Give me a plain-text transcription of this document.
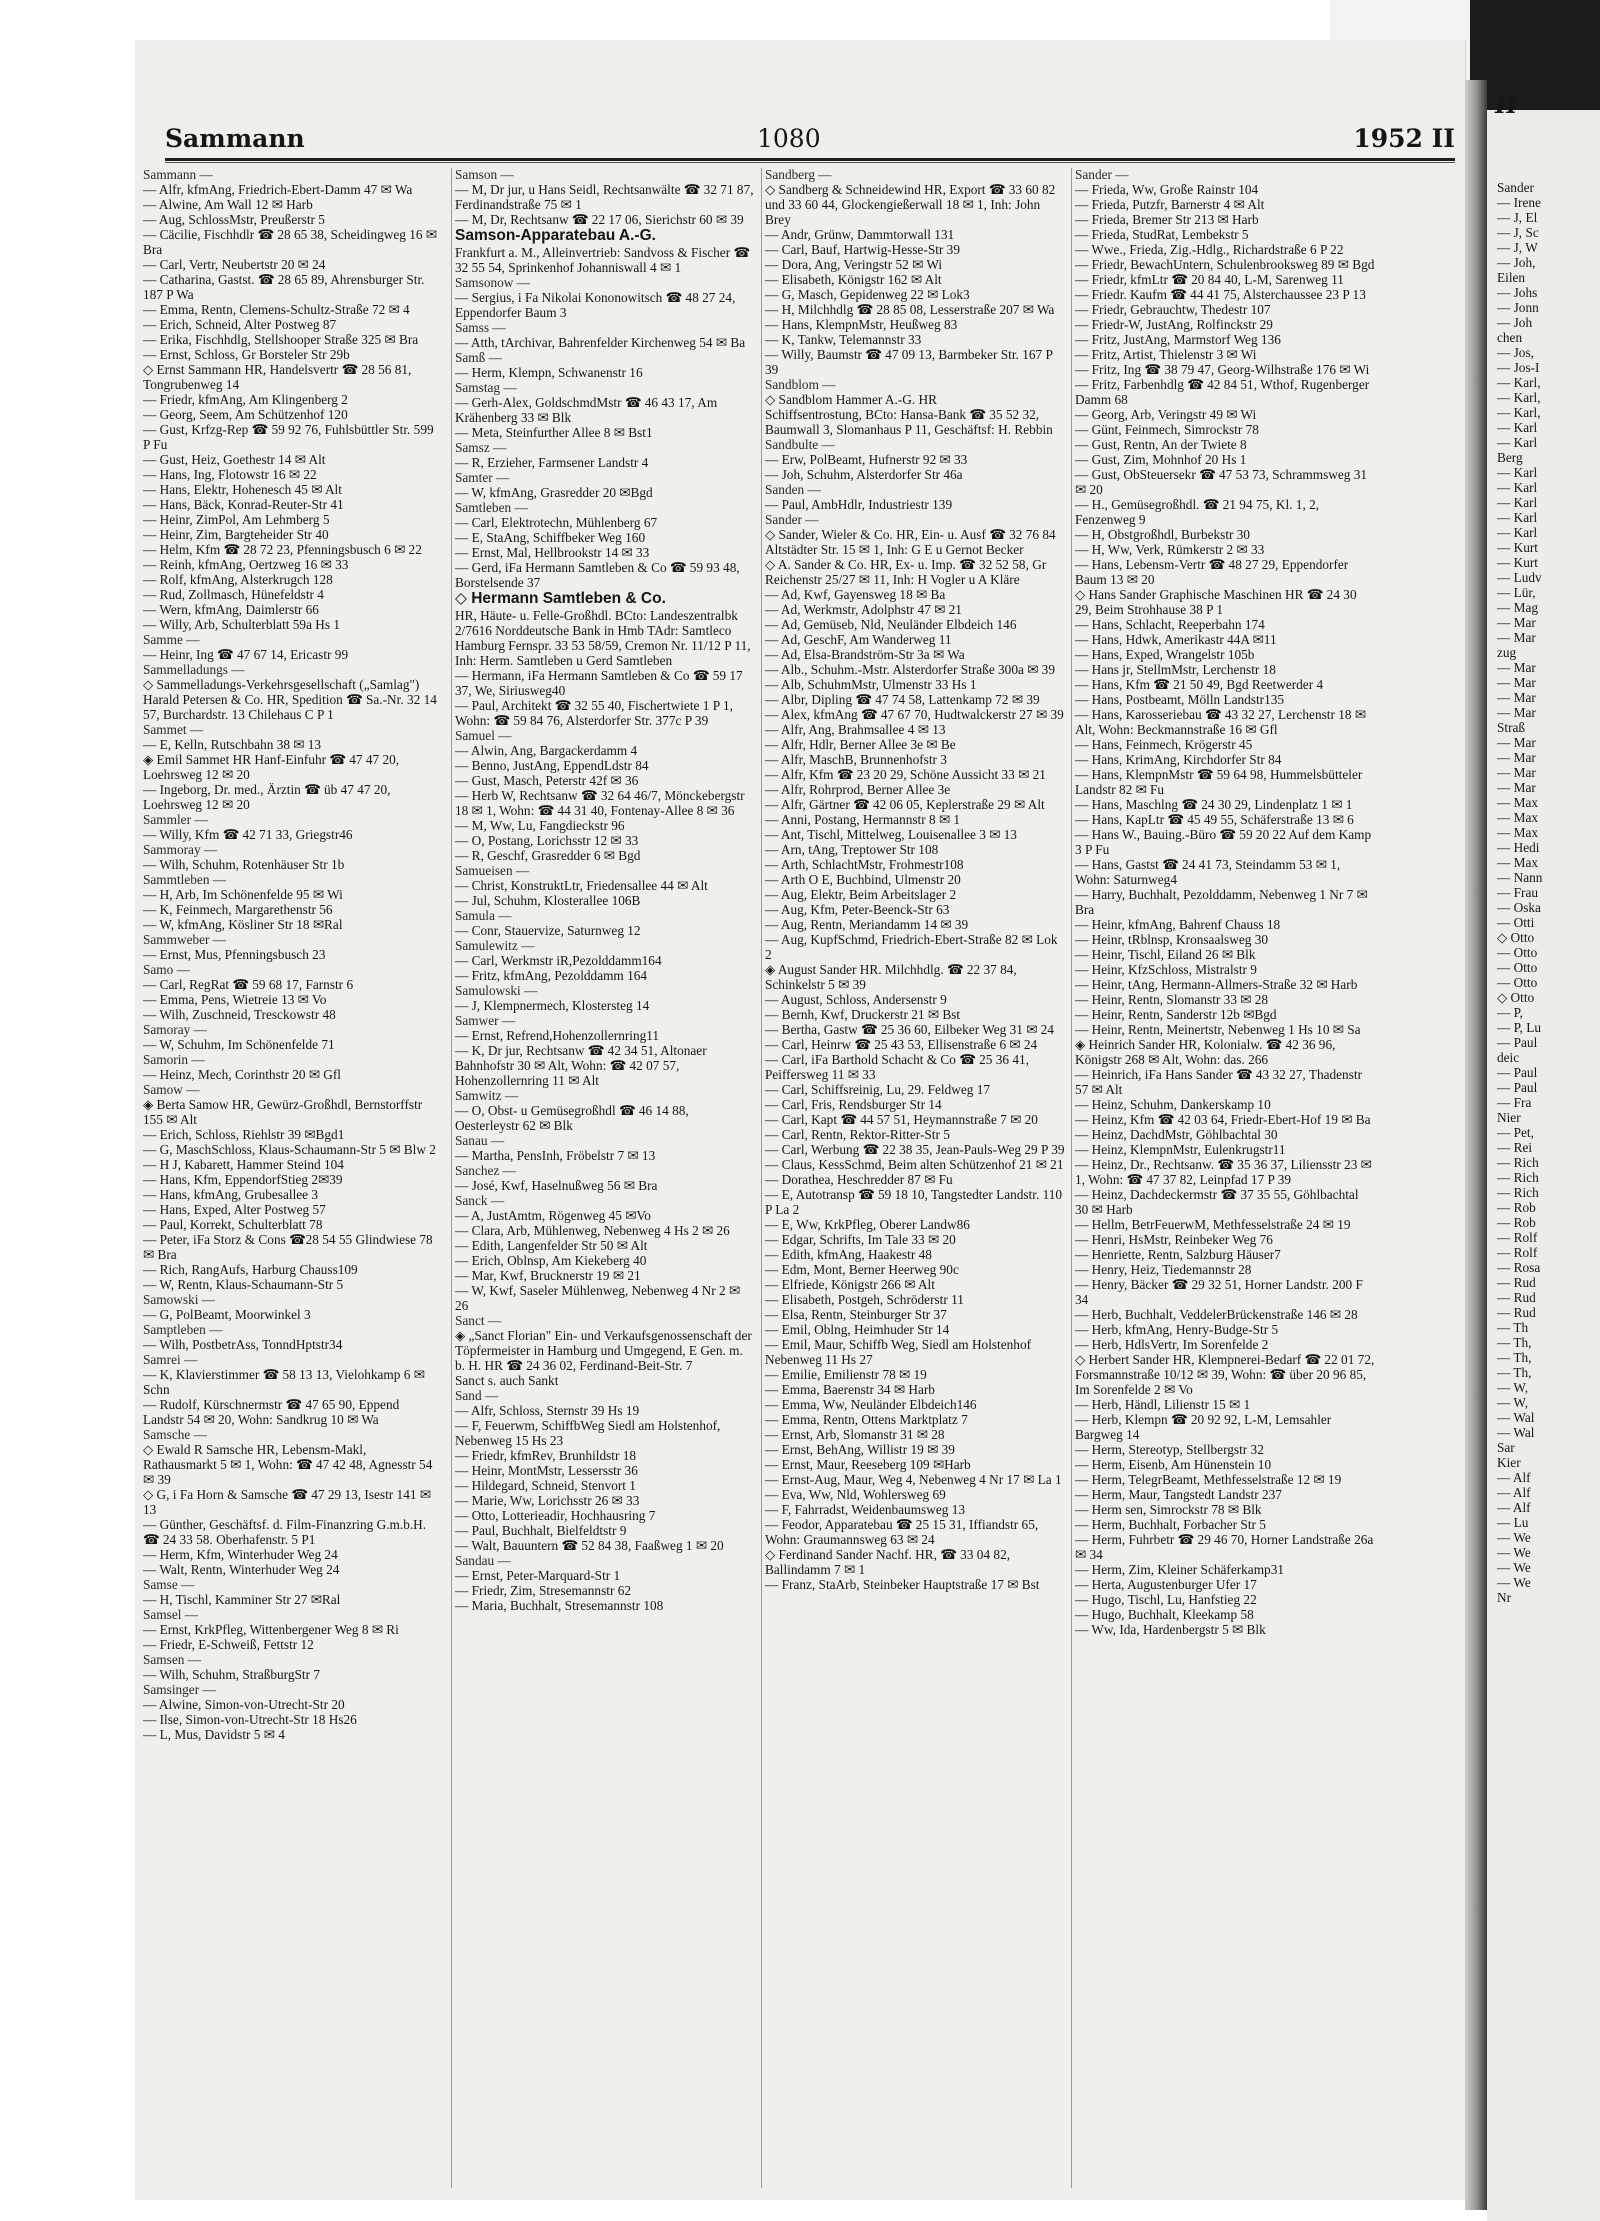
Sammann	1080	1952 II

Sammann —

— Alfr, kfmAng, Friedrich-Ebert-Damm 47 ✉ Wa

— Alwine, Am Wall 12 ✉ Harb

— Aug, SchlossMstr, Preußerstr 5

— Cäcilie, Fischhdlr ☎ 28 65 38, Scheidingweg 16 ✉ Bra

— Carl, Vertr, Neubertstr 20 ✉ 24

— Catharina, Gastst. ☎ 28 65 89, Ahrensburger Str. 187 P Wa

— Emma, Rentn, Clemens-Schultz-Straße 72 ✉ 4

— Erich, Schneid, Alter Postweg 87

— Erika, Fischhdlg, Stellshooper Straße 325 ✉ Bra

— Ernst, Schloss, Gr Borsteler Str 29b

◇ Ernst Sammann HR, Handelsvertr ☎ 28 56 81, Tongrubenweg 14

— Friedr, kfmAng, Am Klingenberg 2

— Georg, Seem, Am Schützenhof 120

— Gust, Krfzg-Rep ☎ 59 92 76, Fuhlsbüttler Str. 599 P Fu

— Gust, Heiz, Goethestr 14 ✉ Alt

— Hans, Ing, Flotowstr 16 ✉ 22

— Hans, Elektr, Hohenesch 45 ✉ Alt

— Hans, Bäck, Konrad-Reuter-Str 41

— Heinr, ZimPol, Am Lehmberg 5

— Heinr, Zim, Bargteheider Str 40

— Helm, Kfm ☎ 28 72 23, Pfenningsbusch 6 ✉ 22

— Reinh, kfmAng, Oertzweg 16 ✉ 33

— Rolf, kfmAng, Alsterkrugch 128

— Rud, Zollmasch, Hünefeldstr 4

— Wern, kfmAng, Daimlerstr 66

— Willy, Arb, Schulterblatt 59a Hs 1

Samme —

— Heinr, Ing ☎ 47 67 14, Ericastr 99

Sammelladungs —

◇ Sammelladungs-Verkehrsgesellschaft („Samlag") Harald Petersen & Co. HR, Spedition ☎ Sa.-Nr. 32 14 57, Burchardstr. 13 Chilehaus C P 1

Sammet —

— E, Kelln, Rutschbahn 38 ✉ 13

◈ Emil Sammet HR Hanf-Einfuhr ☎ 47 47 20, Loehrsweg 12 ✉ 20

— Ingeborg, Dr. med., Ärztin ☎ üb 47 47 20, Loehrsweg 12 ✉ 20

Sammler —

— Willy, Kfm ☎ 42 71 33, Griegstr46

Sammoray —

— Wilh, Schuhm, Rotenhäuser Str 1b

Sammtleben —

— H, Arb, Im Schönenfelde 95 ✉ Wi

— K, Feinmech, Margarethenstr 56

— W, kfmAng, Kösliner Str 18 ✉Ral

Sammweber —

— Ernst, Mus, Pfenningsbusch 23

Samo —

— Carl, RegRat ☎ 59 68 17, Farnstr 6

— Emma, Pens, Wietreie 13 ✉ Vo

— Wilh, Zuschneid, Tresckowstr 48

Samoray —

— W, Schuhm, Im Schönenfelde 71

Samorin —

— Heinz, Mech, Corinthstr 20 ✉ Gfl

Samow —

◈ Berta Samow HR, Gewürz-Großhdl, Bernstorffstr 155 ✉ Alt

— Erich, Schloss, Riehlstr 39 ✉Bgd1

— G, MaschSchloss, Klaus-Schaumann-Str 5 ✉ Blw 2

— H J, Kabarett, Hammer Steind 104

— Hans, Kfm, EppendorfStieg 2✉39

— Hans, kfmAng, Grubesallee 3

— Hans, Exped, Alter Postweg 57

— Paul, Korrekt, Schulterblatt 78

— Peter, iFa Storz & Cons ☎28 54 55 Glindwiese 78 ✉ Bra

— Rich, RangAufs, Harburg Chauss109

— W, Rentn, Klaus-Schaumann-Str 5

Samowski —

— G, PolBeamt, Moorwinkel 3

Samptleben —

— Wilh, PostbetrAss, TonndHptstr34

Samrei —

— K, Klavierstimmer ☎ 58 13 13, Vielohkamp 6 ✉ Schn

— Rudolf, Kürschnermstr ☎ 47 65 90, Eppend Landstr 54 ✉ 20, Wohn: Sandkrug 10 ✉ Wa

Samsche —

◇ Ewald R Samsche HR, Lebensm-Makl, Rathausmarkt 5 ✉ 1, Wohn: ☎ 47 42 48, Agnesstr 54 ✉ 39

◇ G, i Fa Horn & Samsche ☎ 47 29 13, Isestr 141 ✉ 13

— Günther, Geschäftsf. d. Film-Finanzring G.m.b.H. ☎ 24 33 58. Oberhafenstr. 5 P1

— Herm, Kfm, Winterhuder Weg 24

— Walt, Rentn, Winterhuder Weg 24

Samse —

— H, Tischl, Kamminer Str 27 ✉Ral

Samsel —

— Ernst, KrkPfleg, Wittenbergener Weg 8 ✉ Ri

— Friedr, E-Schweiß, Fettstr 12

Samsen —

— Wilh, Schuhm, StraßburgStr 7

Samsinger —

— Alwine, Simon-von-Utrecht-Str 20

— Ilse, Simon-von-Utrecht-Str 18 Hs26

— L, Mus, Davidstr 5 ✉ 4

Samson —

— M, Dr jur, u Hans Seidl, Rechtsanwälte ☎ 32 71 87, Ferdinandstraße 75 ✉ 1

— M, Dr, Rechtsanw ☎ 22 17 06, Sierichstr 60 ✉ 39

Samson-Apparatebau A.-G.

Frankfurt a. M., Alleinvertrieb: Sandvoss & Fischer ☎ 32 55 54, Sprinkenhof Johanniswall 4 ✉ 1

Samsonow —

— Sergius, i Fa Nikolai Kononowitsch ☎ 48 27 24, Eppendorfer Baum 3

Samss —

— Atth, tArchivar, Bahrenfelder Kirchenweg 54 ✉ Ba

Samß —

— Herm, Klempn, Schwanenstr 16

Samstag —

— Gerh-Alex, GoldschmdMstr ☎ 46 43 17, Am Krähenberg 33 ✉ Blk

— Meta, Steinfurther Allee 8 ✉ Bst1

Samsz —

— R, Erzieher, Farmsener Landstr 4

Samter —

— W, kfmAng, Grasredder 20 ✉Bgd

Samtleben —

— Carl, Elektrotechn, Mühlenberg 67

— E, StaAng, Schiffbeker Weg 160

— Ernst, Mal, Hellbrookstr 14 ✉ 33

— Gerd, iFa Hermann Samtleben & Co ☎ 59 93 48, Borstelsende 37

◇ Hermann Samtleben & Co.

HR, Häute- u. Felle-Großhdl. BCto: Landeszentralbk 2/7616 Norddeutsche Bank in Hmb TAdr: Samtleco Hamburg Fernspr. 33 53 58/59, Cremon Nr. 11/12 P 11, Inh: Herm. Samtleben u Gerd Samtleben

— Hermann, iFa Hermann Samtleben & Co ☎ 59 17 37, We, Siriusweg40

— Paul, Architekt ☎ 32 55 40, Fischertwiete 1 P 1, Wohn: ☎ 59 84 76, Alsterdorfer Str. 377c P 39

Samuel —

— Alwin, Ang, Bargackerdamm 4

— Benno, JustAng, EppendLdstr 84

— Gust, Masch, Peterstr 42f ✉ 36

— Herb W, Rechtsanw ☎ 32 64 46/7, Mönckebergstr 18 ✉ 1, Wohn: ☎ 44 31 40, Fontenay-Allee 8 ✉ 36

— M, Ww, Lu, Fangdieckstr 96

— O, Postang, Lorichsstr 12 ✉ 33

— R, Geschf, Grasredder 6 ✉ Bgd

Samueisen —

— Christ, KonstruktLtr, Friedensallee 44 ✉ Alt

— Jul, Schuhm, Klosterallee 106B

Samula —

— Conr, Stauervize, Saturnweg 12

Samulewitz —

— Carl, Werkmstr iR,Pezolddamm164

— Fritz, kfmAng, Pezolddamm 164

Samulowski —

— J, Klempnermech, Klostersteg 14

Samwer —

— Ernst, Refrend,Hohenzollernring11

— K, Dr jur, Rechtsanw ☎ 42 34 51, Altonaer Bahnhofstr 30 ✉ Alt, Wohn: ☎ 42 07 57, Hohenzollernring 11 ✉ Alt

Samwitz —

— O, Obst- u Gemüsegroßhdl ☎ 46 14 88, Oesterleystr 62 ✉ Blk

Sanau —

— Martha, PensInh, Fröbelstr 7 ✉ 13

Sanchez —

— José, Kwf, Haselnußweg 56 ✉ Bra

Sanck —

— A, JustAmtm, Rögenweg 45 ✉Vo

— Clara, Arb, Mühlenweg, Nebenweg 4 Hs 2 ✉ 26

— Edith, Langenfelder Str 50 ✉ Alt

— Erich, Oblnsp, Am Kiekeberg 40

— Mar, Kwf, Brucknerstr 19 ✉ 21

— W, Kwf, Saseler Mühlenweg, Nebenweg 4 Nr 2 ✉ 26

Sanct —

◈ „Sanct Florian" Ein- und Verkaufsgenossenschaft der Töpfermeister in Hamburg und Umgegend, E Gen. m. b. H. HR ☎ 24 36 02, Ferdinand-Beit-Str. 7

Sanct s. auch Sankt

Sand —

— Alfr, Schloss, Sternstr 39 Hs 19

— F, Feuerwm, SchiffbWeg Siedl am Holstenhof, Nebenweg 15 Hs 23

— Friedr, kfmRev, Brunhildstr 18

— Heinr, MontMstr, Lessersstr 36

— Hildegard, Schneid, Stenvort 1

— Marie, Ww, Lorichsstr 26 ✉ 33

— Otto, Lotterieadir, Hochhausring 7

— Paul, Buchhalt, Bielfeldtstr 9

— Walt, Bauuntern ☎ 52 84 38, Faaßweg 1 ✉ 20

Sandau —

— Ernst, Peter-Marquard-Str 1

— Friedr, Zim, Stresemannstr 62

— Maria, Buchhalt, Stresemannstr 108

Sandberg —

◇ Sandberg & Schneidewind HR, Export ☎ 33 60 82 und 33 60 44, Glockengießerwall 18 ✉ 1, Inh: John Brey

— Andr, Grünw, Dammtorwall 131

— Carl, Bauf, Hartwig-Hesse-Str 39

— Dora, Ang, Veringstr 52 ✉ Wi

— Elisabeth, Königstr 162 ✉ Alt

— G, Masch, Gepidenweg 22 ✉ Lok3

— H, Milchhdlg ☎ 28 85 08, Lesserstraße 207 ✉ Wa

— Hans, KlempnMstr, Heußweg 83

— K, Tankw, Telemannstr 33

— Willy, Baumstr ☎ 47 09 13, Barmbeker Str. 167 P 39

Sandblom —

◇ Sandblom Hammer A.-G. HR

Schiffsentrostung, BCto: Hansa-Bank ☎ 35 52 32, Baumwall 3, Slomanhaus P 11, Geschäftsf: H. Rebbin

Sandbulte —

— Erw, PolBeamt, Hufnerstr 92 ✉ 33

— Joh, Schuhm, Alsterdorfer Str 46a

Sanden —

— Paul, AmbHdlr, Industriestr 139

Sander —

◇ Sander, Wieler & Co. HR, Ein- u. Ausf ☎ 32 76 84 Altstädter Str. 15 ✉ 1, Inh: G E u Gernot Becker

◇ A. Sander & Co. HR, Ex- u. Imp. ☎ 32 52 58, Gr Reichenstr 25/27 ✉ 11, Inh: H Vogler u A Kläre

— Ad, Kwf, Gayensweg 18 ✉ Ba

— Ad, Werkmstr, Adolphstr 47 ✉ 21

— Ad, Gemüseb, Nld, Neuländer Elbdeich 146

— Ad, GeschF, Am Wanderweg 11

— Ad, Elsa-Brandström-Str 3a ✉ Wa

— Alb., Schuhm.-Mstr. Alsterdorfer Straße 300a ✉ 39

— Alb, SchuhmMstr, Ulmenstr 33 Hs 1

— Albr, Dipling ☎ 47 74 58, Lattenkamp 72 ✉ 39

— Alex, kfmAng ☎ 47 67 70, Hudtwalckerstr 27 ✉ 39

— Alfr, Ang, Brahmsallee 4 ✉ 13

— Alfr, Hdlr, Berner Allee 3e ✉ Be

— Alfr, MaschB, Brunnenhofstr 3

— Alfr, Kfm ☎ 23 20 29, Schöne Aussicht 33 ✉ 21

— Alfr, Rohrprod, Berner Allee 3e

— Alfr, Gärtner ☎ 42 06 05, Keplerstraße 29 ✉ Alt

— Anni, Postang, Hermannstr 8 ✉ 1

— Ant, Tischl, Mittelweg, Louisenallee 3 ✉ 13

— Arn, tAng, Treptower Str 108

— Arth, SchlachtMstr, Frohmestr108

— Arth O E, Buchbind, Ulmenstr 20

— Aug, Elektr, Beim Arbeitslager 2

— Aug, Kfm, Peter-Beenck-Str 63

— Aug, Rentn, Meriandamm 14 ✉ 39

— Aug, KupfSchmd, Friedrich-Ebert-Straße 82 ✉ Lok 2

◈ August Sander HR. Milchhdlg. ☎ 22 37 84, Schinkelstr 5 ✉ 39

— August, Schloss, Andersenstr 9

— Bernh, Kwf, Druckerstr 21 ✉ Bst

— Bertha, Gastw ☎ 25 36 60, Eilbeker Weg 31 ✉ 24

— Carl, Heinrw ☎ 25 43 53, Ellisenstraße 6 ✉ 24

— Carl, iFa Barthold Schacht & Co ☎ 25 36 41, Peiffersweg 11 ✉ 33

— Carl, Schiffsreinig, Lu, 29. Feldweg 17

— Carl, Fris, Rendsburger Str 14

— Carl, Kapt ☎ 44 57 51, Heymannstraße 7 ✉ 20

— Carl, Rentn, Rektor-Ritter-Str 5

— Carl, Werbung ☎ 22 38 35, Jean-Pauls-Weg 29 P 39

— Claus, KessSchmd, Beim alten Schützenhof 21 ✉ 21

— Dorathea, Heschredder 87 ✉ Fu

— E, Autotransp ☎ 59 18 10, Tangstedter Landstr. 110 P La 2

— E, Ww, KrkPfleg, Oberer Landw86

— Edgar, Schrifts, Im Tale 33 ✉ 20

— Edith, kfmAng, Haakestr 48

— Edm, Mont, Berner Heerweg 90c

— Elfriede, Königstr 266 ✉ Alt

— Elisabeth, Postgeh, Schröderstr 11

— Elsa, Rentn, Steinburger Str 37

— Emil, Oblng, Heimhuder Str 14

— Emil, Maur, Schiffb Weg, Siedl am Holstenhof Nebenweg 11 Hs 27

— Emilie, Emilienstr 78 ✉ 19

— Emma, Baerenstr 34 ✉ Harb

— Emma, Ww, Neuländer Elbdeich146

— Emma, Rentn, Ottens Marktplatz 7

— Ernst, Arb, Slomanstr 31 ✉ 28

— Ernst, BehAng, Willistr 19 ✉ 39

— Ernst, Maur, Reeseberg 109 ✉Harb

— Ernst-Aug, Maur, Weg 4, Nebenweg 4 Nr 17 ✉ La 1

— Eva, Ww, Nld, Wohlersweg 69

— F, Fahrradst, Weidenbaumsweg 13

— Feodor, Apparatebau ☎ 25 15 31, Iffiandstr 65, Wohn: Graumannsweg 63 ✉ 24

◇ Ferdinand Sander Nachf. HR, ☎ 33 04 82, Ballindamm 7 ✉ 1

— Franz, StaArb, Steinbeker Hauptstraße 17 ✉ Bst

Sander —

— Frieda, Ww, Große Rainstr 104

— Frieda, Putzfr, Barnerstr 4 ✉ Alt

— Frieda, Bremer Str 213 ✉ Harb

— Frieda, StudRat, Lembekstr 5

— Wwe., Frieda, Zig.-Hdlg., Richardstraße 6 P 22

— Friedr, BewachUntern, Schulenbrooksweg 89 ✉ Bgd

— Friedr, kfmLtr ☎ 20 84 40, L-M, Sarenweg 11

— Friedr. Kaufm ☎ 44 41 75, Alsterchaussee 23 P 13

— Friedr, Gebrauchtw, Thedestr 107

— Friedr-W, JustAng, Rolfinckstr 29

— Fritz, JustAng, Marmstorf Weg 136

— Fritz, Artist, Thielenstr 3 ✉ Wi

— Fritz, Ing ☎ 38 79 47, Georg-Wilhstraße 176 ✉ Wi

— Fritz, Farbenhdlg ☎ 42 84 51, Wthof, Rugenberger Damm 68

— Georg, Arb, Veringstr 49 ✉ Wi

— Günt, Feinmech, Simrockstr 78

— Gust, Rentn, An der Twiete 8

— Gust, Zim, Mohnhof 20 Hs 1

— Gust, ObSteuersekr ☎ 47 53 73, Schrammsweg 31 ✉ 20

— H., Gemüsegroßhdl. ☎ 21 94 75, Kl. 1, 2, Fenzenweg 9

— H, Obstgroßhdl, Burbekstr 30

— H, Ww, Verk, Rümkerstr 2 ✉ 33

— Hans, Lebensm-Vertr ☎ 48 27 29, Eppendorfer Baum 13 ✉ 20

◇ Hans Sander Graphische Maschinen HR ☎ 24 30 29, Beim Strohhause 38 P 1

— Hans, Schlacht, Reeperbahn 174

— Hans, Hdwk, Amerikastr 44A ✉11

— Hans, Exped, Wrangelstr 105b

— Hans jr, StellmMstr, Lerchenstr 18

— Hans, Kfm ☎ 21 50 49, Bgd Reetwerder 4

— Hans, Postbeamt, Mölln Landstr135

— Hans, Karosseriebau ☎ 43 32 27, Lerchenstr 18 ✉ Alt, Wohn: Beckmannstraße 16 ✉ Gfl

— Hans, Feinmech, Krögerstr 45

— Hans, KrimAng, Kirchdorfer Str 84

— Hans, KlempnMstr ☎ 59 64 98, Hummelsbütteler Landstr 82 ✉ Fu

— Hans, Maschlng ☎ 24 30 29, Lindenplatz 1 ✉ 1

— Hans, KapLtr ☎ 45 49 55, Schäferstraße 13 ✉ 6

— Hans W., Bauing.-Büro ☎ 59 20 22 Auf dem Kamp 3 P Fu

— Hans, Gastst ☎ 24 41 73, Steindamm 53 ✉ 1, Wohn: Saturnweg4

— Harry, Buchhalt, Pezolddamm, Nebenweg 1 Nr 7 ✉ Bra

— Heinr, kfmAng, Bahrenf Chauss 18

— Heinr, tRblnsp, Kronsaalsweg 30

— Heinr, Tischl, Eiland 26 ✉ Blk

— Heinr, KfzSchloss, Mistralstr 9

— Heinr, tAng, Hermann-Allmers-Straße 32 ✉ Harb

— Heinr, Rentn, Slomanstr 33 ✉ 28

— Heinr, Rentn, Sanderstr 12b ✉Bgd

— Heinr, Rentn, Meinertstr, Nebenweg 1 Hs 10 ✉ Sa

◈ Heinrich Sander HR, Kolonialw. ☎ 42 36 96, Königstr 268 ✉ Alt, Wohn: das. 266

— Heinrich, iFa Hans Sander ☎ 43 32 27, Thadenstr 57 ✉ Alt

— Heinz, Schuhm, Dankerskamp 10

— Heinz, Kfm ☎ 42 03 64, Friedr-Ebert-Hof 19 ✉ Ba

— Heinz, DachdMstr, Göhlbachtal 30

— Heinz, KlempnMstr, Eulenkrugstr11

— Heinz, Dr., Rechtsanw. ☎ 35 36 37, Liliensstr 23 ✉ 1, Wohn: ☎ 47 37 82, Leinpfad 17 P 39

— Heinz, Dachdeckermstr ☎ 37 35 55, Göhlbachtal 30 ✉ Harb

— Hellm, BetrFeuerwM, Methfesselstraße 24 ✉ 19

— Henri, HsMstr, Reinbeker Weg 76

— Henriette, Rentn, Salzburg Häuser7

— Henry, Heiz, Tiedemannstr 28

— Henry, Bäcker ☎ 29 32 51, Horner Landstr. 200 F 34

— Herb, Buchhalt, VeddelerBrückenstraße 146 ✉ 28

— Herb, kfmAng, Henry-Budge-Str 5

— Herb, HdlsVertr, Im Sorenfelde 2

◇ Herbert Sander HR, Klempnerei-Bedarf ☎ 22 01 72, Forsmannstraße 10/12 ✉ 39, Wohn: ☎ über 20 96 85, Im Sorenfelde 2 ✉ Vo

— Herb, Händl, Lilienstr 15 ✉ 1

— Herb, Klempn ☎ 20 92 92, L-M, Lemsahler Bargweg 14

— Herm, Stereotyp, Stellbergstr 32

— Herm, Eisenb, Am Hünenstein 10

— Herm, TelegrBeamt, Methfesselstraße 12 ✉ 19

— Herm, Maur, Tangstedt Landstr 237

— Herm sen, Simrockstr 78 ✉ Blk

— Herm, Buchhalt, Forbacher Str 5

— Herm, Fuhrbetr ☎ 29 46 70, Horner Landstraße 26a ✉ 34

— Herm, Zim, Kleiner Schäferkamp31

— Herta, Augustenburger Ufer 17

— Hugo, Tischl, Lu, Hanfstieg 22

— Hugo, Buchhalt, Kleekamp 58

— Ww, Ida, Hardenbergstr 5 ✉ Blk

II
Sander
— Irene
— J, El
— J, Sc
— J, W
— Joh,
Eilen
— Johs
— Jonn
— Joh
chen
— Jos,
— Jos-I
— Karl,
— Karl,
— Karl,
— Karl
— Karl
Berg
— Karl
— Karl
— Karl
— Karl
— Karl
— Kurt
— Kurt
— Ludv
— Lür,
— Mag
— Mar
— Mar
zug
— Mar
— Mar
— Mar
— Mar
Straß
— Mar
— Mar
— Mar
— Mar
— Max
— Max
— Max
— Hedi
— Max
— Nann
— Frau
— Oska
— Otti
◇ Otto
— Otto
— Otto
— Otto
◇ Otto
— P,
— P, Lu
— Paul
deic
— Paul
— Paul
— Fra
Nier
— Pet,
— Rei
— Rich
— Rich
— Rich
— Rob
— Rob
— Rolf
— Rolf
— Rosa
— Rud
— Rud
— Rud
— Th
— Th,
— Th,
— Th,
— W,
— W,
— Wal
— Wal
Sar
Kier
— Alf
— Alf
— Alf
— Lu
— We
— We
— We
— We
Nr
